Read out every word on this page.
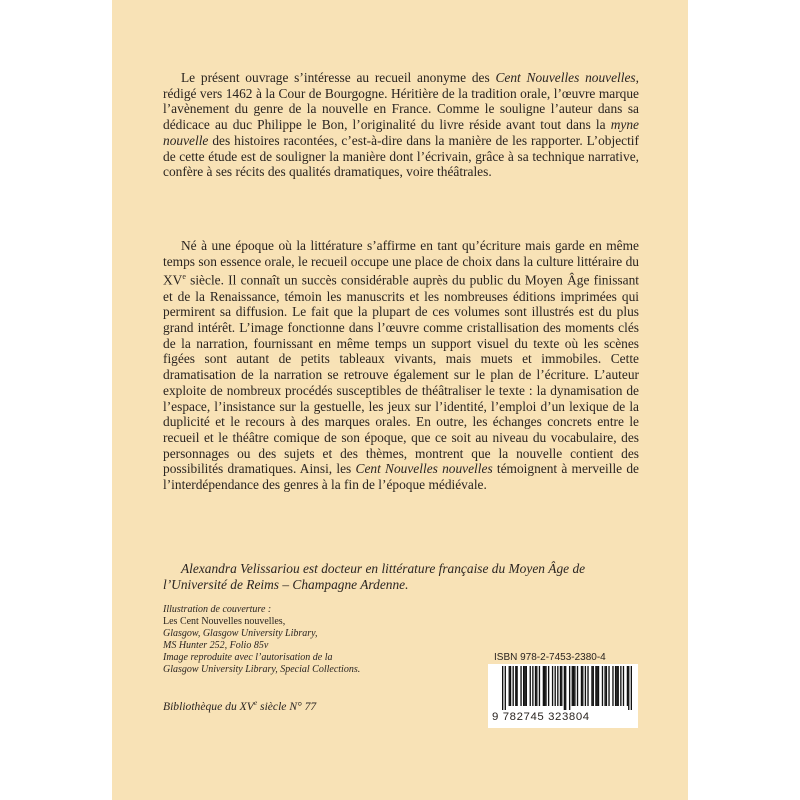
Le présent ouvrage s’intéresse au recueil anonyme des Cent Nouvelles nouvelles, rédigé vers 1462 à la Cour de Bourgogne. Héritière de la tradition orale, l’œuvre marque l’avènement du genre de la nouvelle en France. Comme le souligne l’auteur dans sa dédicace au duc Philippe le Bon, l’originalité du livre réside avant tout dans la myne nouvelle des histoires racontées, c’est-à-dire dans la manière de les rapporter. L’objectif de cette étude est de souligner la manière dont l’écrivain, grâce à sa technique narrative, confère à ses récits des qualités dramatiques, voire théâtrales.

Né à une époque où la littérature s’affirme en tant qu’écriture mais garde en même temps son essence orale, le recueil occupe une place de choix dans la culture littéraire du XVe siècle. Il connaît un succès considérable auprès du public du Moyen Âge finissant et de la Renaissance, témoin les manuscrits et les nombreuses éditions imprimées qui permirent sa diffusion. Le fait que la plupart de ces volumes sont illustrés est du plus grand intérêt. L’image fonctionne dans l’œuvre comme cristallisation des moments clés de la narration, fournissant en même temps un support visuel du texte où les scènes figées sont autant de petits tableaux vivants, mais muets et immobiles. Cette dramatisation de la narration se retrouve également sur le plan de l’écriture. L’auteur exploite de nombreux procédés susceptibles de théâtraliser le texte : la dynamisation de l’espace, l’insistance sur la gestuelle, les jeux sur l’identité, l’emploi d’un lexique de la duplicité et le recours à des marques orales. En outre, les échanges concrets entre le recueil et le théâtre comique de son époque, que ce soit au niveau du vocabulaire, des personnages ou des sujets et des thèmes, montrent que la nouvelle contient des possibilités dramatiques. Ainsi, les Cent Nouvelles nouvelles témoignent à merveille de l’interdépendance des genres à la fin de l’époque médiévale.

Alexandra Velissariou est docteur en littérature française du Moyen Âge de l’Université de Reims – Champagne Ardenne.

Illustration de couverture :
Les Cent Nouvelles nouvelles,
Glasgow, Glasgow University Library,
MS Hunter 252, Folio 85v
Image reproduite avec l’autorisation de la
Glasgow University Library, Special Collections.
Bibliothèque du XVe siècle N° 77
ISBN 978-2-7453-2380-4
9 782745 323804
